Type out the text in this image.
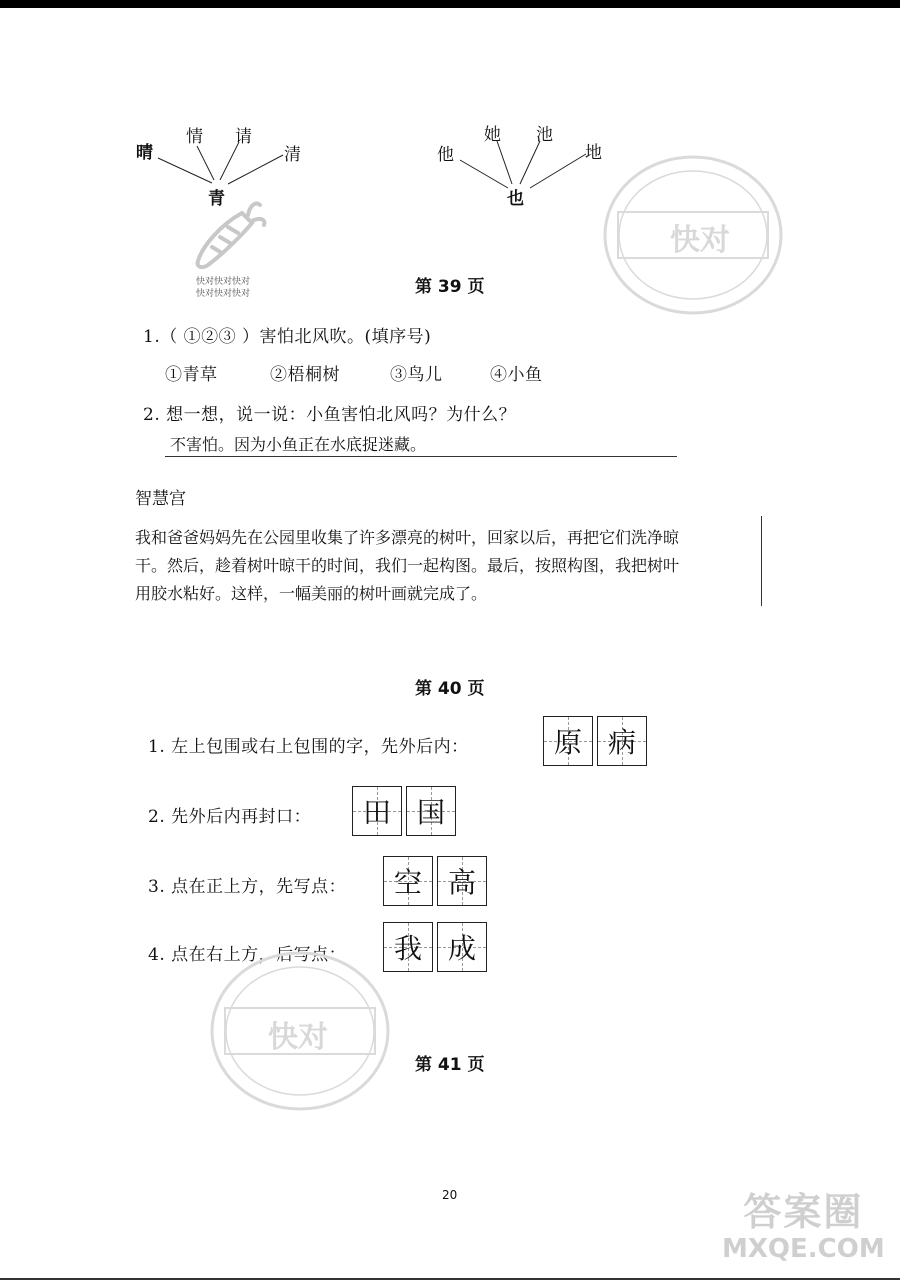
晴
情 请
清
青
快对快对快对
快对快对快对
他
她 池
地
也
快对
第 39 页
1.（ ①②③ ）害怕北风吹。(填序号)
①青草	②梧桐树	③鸟儿	④小鱼
2. 想一想，说一说：小鱼害怕北风吗？为什么？
不害怕。因为小鱼正在水底捉迷藏。
智慧宫
我和爸爸妈妈先在公园里收集了许多漂亮的树叶，回家以后，再把它们洗净晾
干。然后，趁着树叶晾干的时间，我们一起构图。最后，按照构图，我把树叶
用胶水粘好。这样，一幅美丽的树叶画就完成了。
第 40 页
1. 左上包围或右上包围的字，先外后内：	原 病
2. 先外后内再封口： 田 国
3. 点在正上方，先写点： 空 高
4. 点在右上方，后写点： 我 成
快对
第 41 页
20	答案圈
MXQE.COM
